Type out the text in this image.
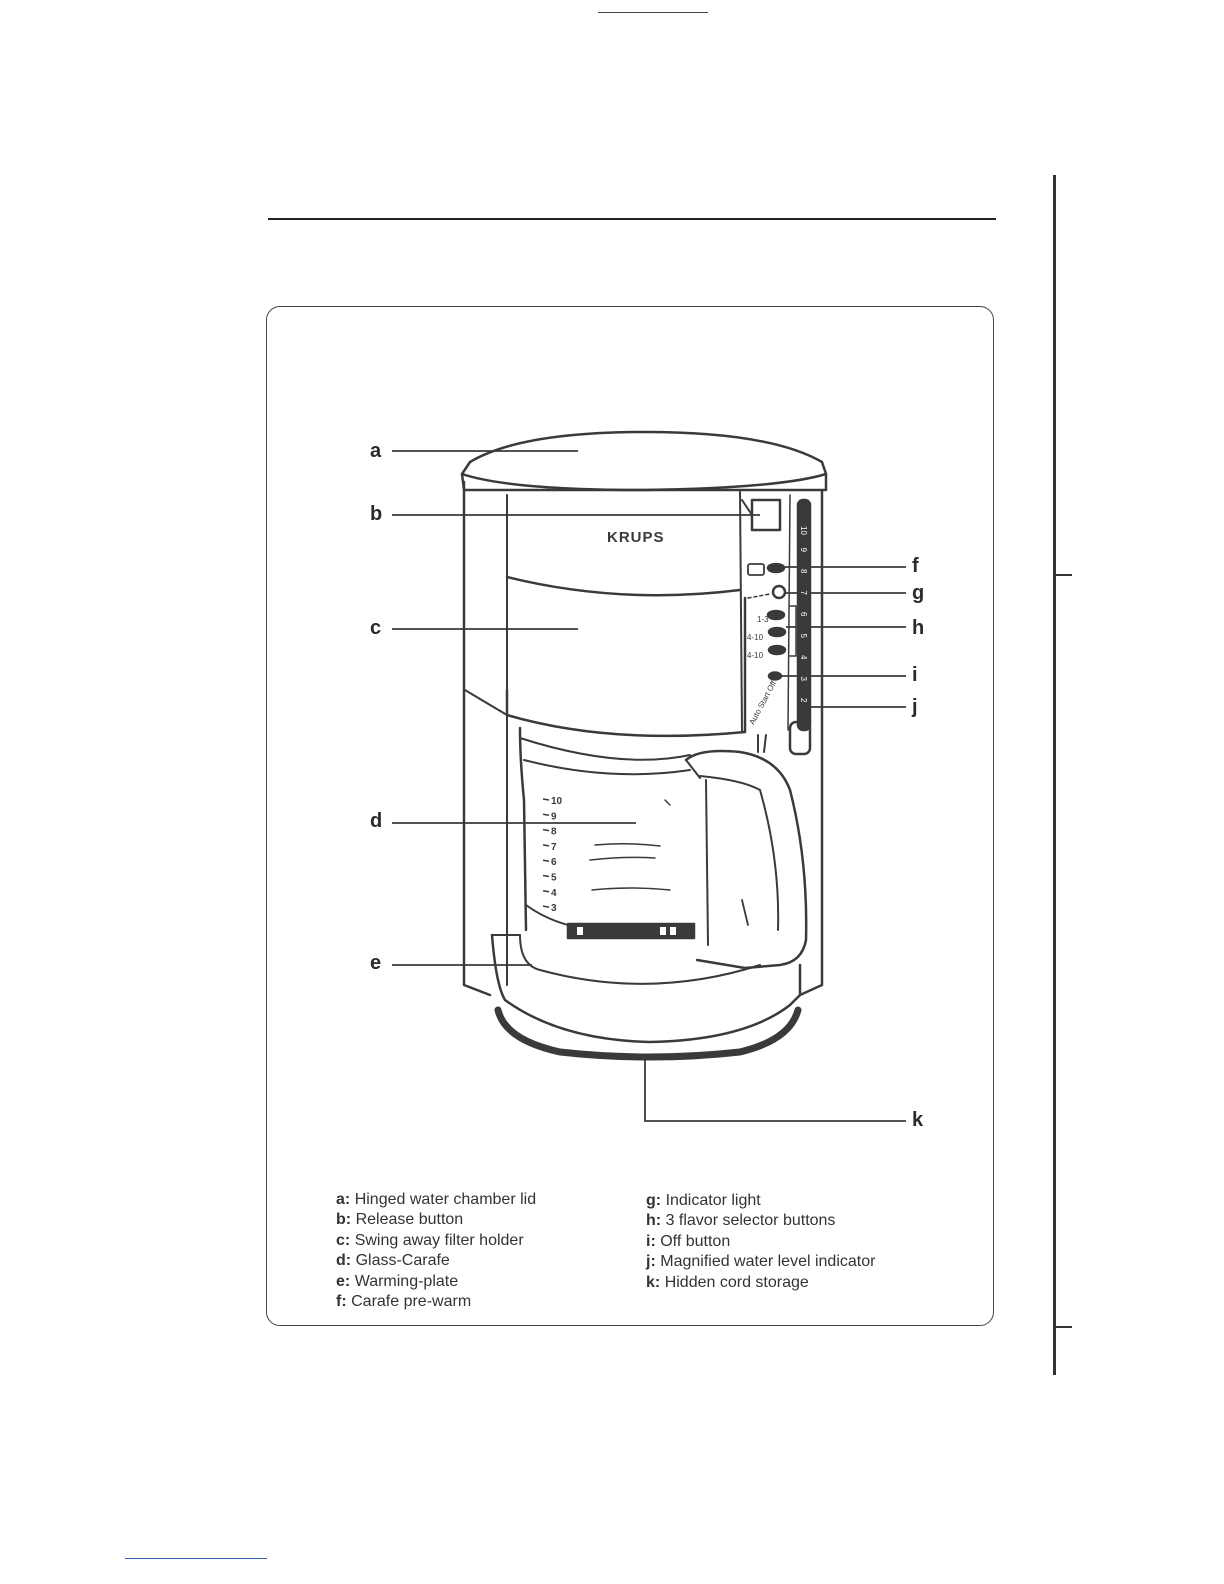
KRUPS
1-3
4-10
4-10
Auto Start Off
10
9
8
7
6
5
4
3
10
9
8
7
6
5
4
3
2
a
b
c
d
e
f
g
h
i
j
k
a: Hinged water chamber lid
b: Release button
c: Swing away filter holder
d: Glass-Carafe
e: Warming-plate
f: Carafe pre-warm
g: Indicator light
h: 3 flavor selector buttons
i: Off button
j: Magnified water level indicator
k: Hidden cord storage
